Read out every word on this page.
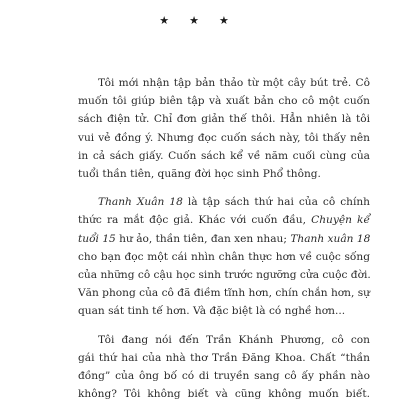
★ ★ ★
Tôi mới nhận tập bản thảo từ một cây bút trẻ. Cô
muốn tôi giúp biên tập và xuất bản cho cô một cuốn
sách điện tử. Chỉ đơn giản thế thôi. Hẳn nhiên là tôi
vui vẻ đồng ý. Nhưng đọc cuốn sách này, tôi thấy nên
in cả sách giấy. Cuốn sách kể về năm cuối cùng của
tuổi thần tiên, quãng đời học sinh Phổ thông.
Thanh Xuân 18 là tập sách thứ hai của cô chính
thức ra mắt độc giả. Khác với cuốn đầu, Chuyện kể
tuổi 15 hư ảo, thần tiên, đan xen nhau; Thanh xuân 18
cho bạn đọc một cái nhìn chân thực hơn về cuộc sống
của những cô cậu học sinh trước ngưỡng cửa cuộc đời.
Văn phong của cô đã điềm tĩnh hơn, chín chắn hơn, sự
quan sát tinh tế hơn. Và đặc biệt là có nghề hơn...
Tôi đang nói đến Trần Khánh Phương, cô con
gái thứ hai của nhà thơ Trần Đăng Khoa. Chất “thần
đồng” của ông bố có di truyền sang cô ấy phần nào
không? Tôi không biết và cũng không muốn biết.
